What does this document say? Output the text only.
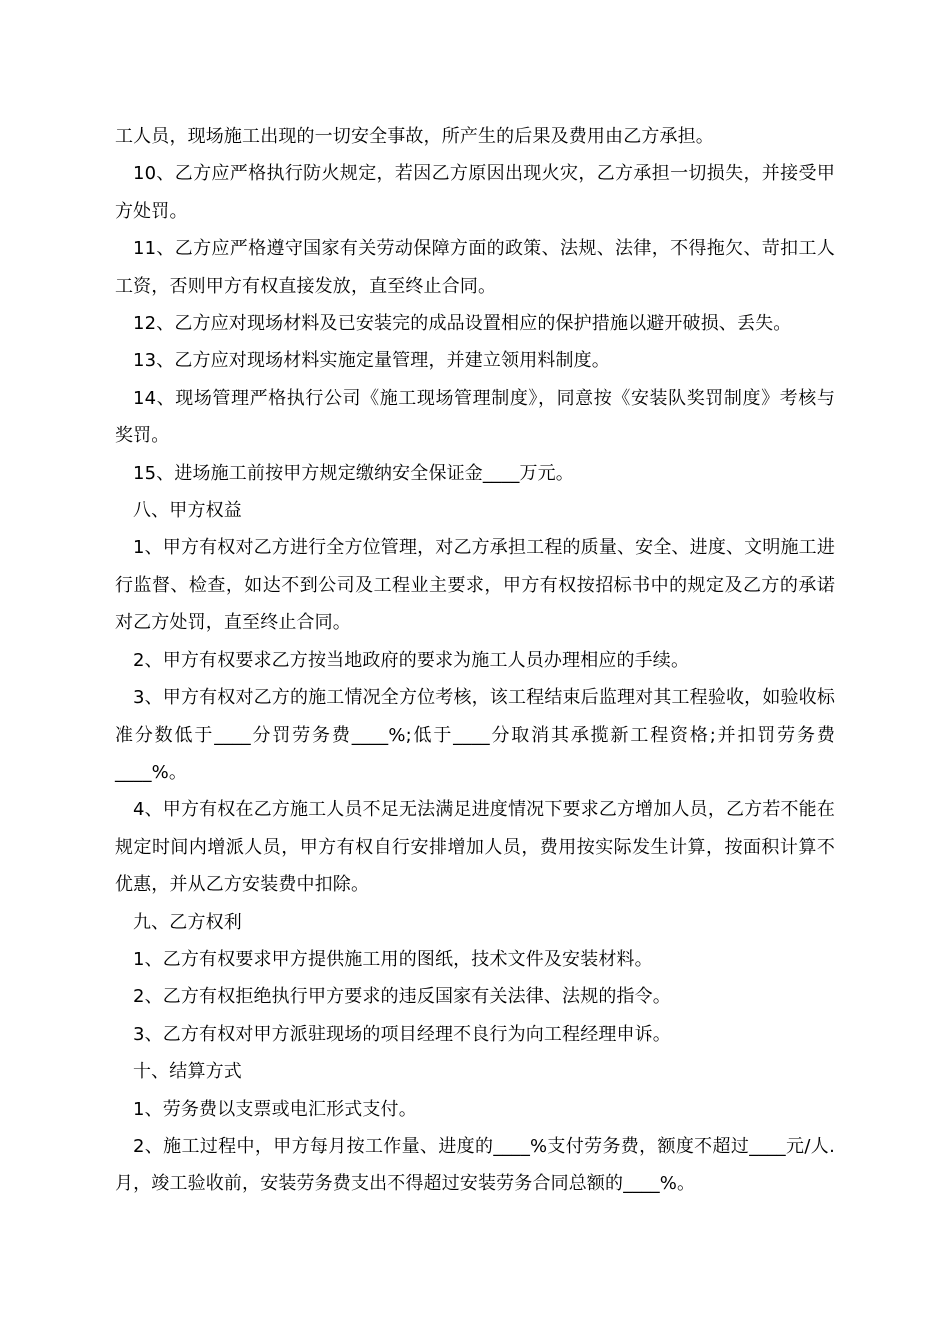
工人员，现场施工出现的一切安全事故，所产生的后果及费用由乙方承担。

10、乙方应严格执行防火规定，若因乙方原因出现火灾，乙方承担一切损失，并接受甲方处罚。

11、乙方应严格遵守国家有关劳动保障方面的政策、法规、法律，不得拖欠、苛扣工人工资，否则甲方有权直接发放，直至终止合同。

12、乙方应对现场材料及已安装完的成品设置相应的保护措施以避开破损、丢失。

13、乙方应对现场材料实施定量管理，并建立领用料制度。

14、现场管理严格执行公司《施工现场管理制度》，同意按《安装队奖罚制度》考核与奖罚。

15、进场施工前按甲方规定缴纳安全保证金____万元。

八、甲方权益

1、甲方有权对乙方进行全方位管理，对乙方承担工程的质量、安全、进度、文明施工进行监督、检查，如达不到公司及工程业主要求，甲方有权按招标书中的规定及乙方的承诺对乙方处罚，直至终止合同。

2、甲方有权要求乙方按当地政府的要求为施工人员办理相应的手续。

3、甲方有权对乙方的施工情况全方位考核，该工程结束后监理对其工程验收，如验收标准分数低于____分罚劳务费____%;低于____分取消其承揽新工程资格;并扣罚劳务费____%。

4、甲方有权在乙方施工人员不足无法满足进度情况下要求乙方增加人员，乙方若不能在规定时间内增派人员，甲方有权自行安排增加人员，费用按实际发生计算，按面积计算不优惠，并从乙方安装费中扣除。

九、乙方权利

1、乙方有权要求甲方提供施工用的图纸，技术文件及安装材料。

2、乙方有权拒绝执行甲方要求的违反国家有关法律、法规的指令。

3、乙方有权对甲方派驻现场的项目经理不良行为向工程经理申诉。

十、结算方式

1、劳务费以支票或电汇形式支付。

2、施工过程中，甲方每月按工作量、进度的____%支付劳务费，额度不超过____元/人.月，竣工验收前，安装劳务费支出不得超过安装劳务合同总额的____%。
